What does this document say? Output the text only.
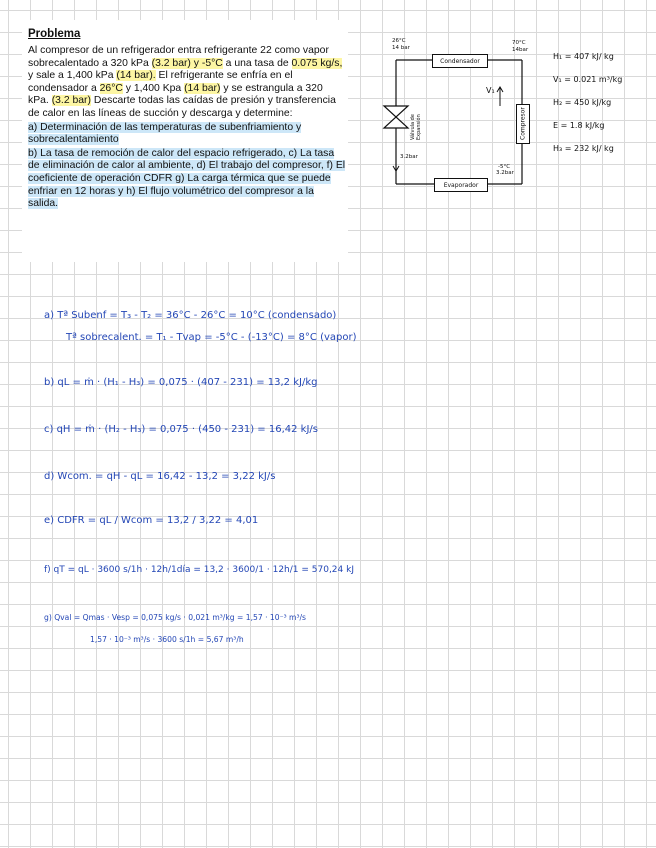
Problema
Al compresor de un refrigerador entra refrigerante 22 como vapor sobrecalentado a 320 kPa (3.2 bar) y -5°C a una tasa de 0.075 kg/s, y sale a 1,400 kPa (14 bar). El refrigerante se enfría en el condensador a 26°C y 1,400 Kpa (14 bar) y se estrangula a 320 kPa. (3.2 bar) Descarte todas las caídas de presión y transferencia de calor en las líneas de succión y descarga y determine:
a) Determinación de las temperaturas de subenfriamiento y sobrecalentamiento
b) La tasa de remoción de calor del espacio refrigerado, c) La tasa de eliminación de calor al ambiente, d) El trabajo del compresor, f) El coeficiente de operación CDFR g) La carga térmica que se puede enfriar en 12 horas y h) El flujo volumétrico del compresor a la salida.
Condensador
Evaporador
Compresor
Válvula de Expansión
26°C
14 bar
70°C
14bar
3.2bar
-5°C
3.2bar
V₁
H₁ = 407 kJ/ kg
V₁ = 0.021 m³/kg
H₂ = 450 kJ/kg
E = 1.8 kJ/kg
H₃ = 232 kJ/ kg
a) Tª Subenf = T₃ - T₂ = 36°C - 26°C = 10°C (condensado)
Tª sobrecalent. = T₁ - Tvap = -5°C - (-13°C) = 8°C (vapor)
b) qL = ṁ · (H₁ - H₃) = 0,075 · (407 - 231) = 13,2 kJ/kg
c) qH = ṁ · (H₂ - H₃) = 0,075 · (450 - 231) = 16,42 kJ/s
d) Wcom. = qH - qL = 16,42 - 13,2 = 3,22 kJ/s
e) CDFR = qL / Wcom = 13,2 / 3,22 = 4,01
f) qT = qL · 3600 s/1h · 12h/1día = 13,2 · 3600/1 · 12h/1 = 570,24 kJ
g) Qval = Qmas · Vesp = 0,075 kg/s · 0,021 m³/kg = 1,57 · 10⁻³ m³/s
1,57 · 10⁻³ m³/s · 3600 s/1h = 5,67 m³/h
